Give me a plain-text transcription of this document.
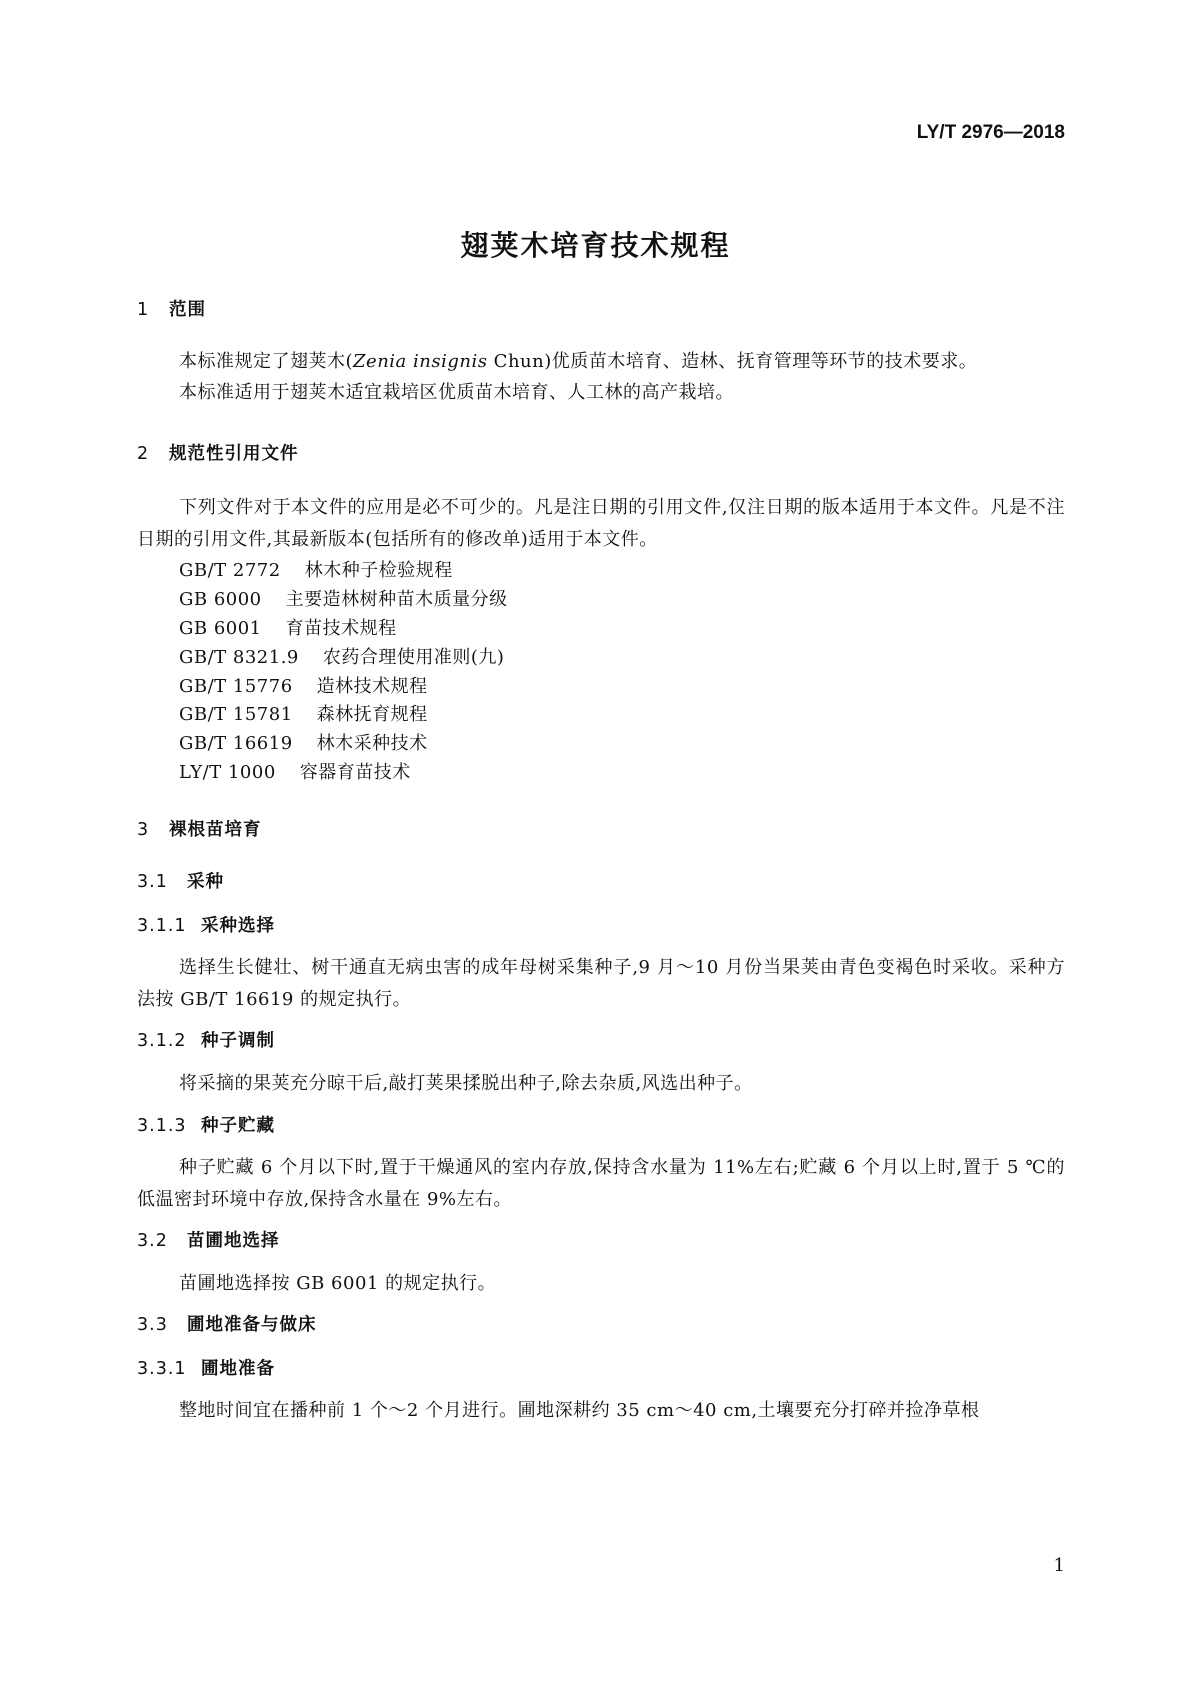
LY/T 2976—2018
翅荚木培育技术规程
1 范围
本标准规定了翅荚木(Zenia insignis Chun)优质苗木培育、造林、抚育管理等环节的技术要求。
本标准适用于翅荚木适宜栽培区优质苗木培育、人工林的高产栽培。
2 规范性引用文件
下列文件对于本文件的应用是必不可少的。凡是注日期的引用文件,仅注日期的版本适用于本文件。凡是不注日期的引用文件,其最新版本(包括所有的修改单)适用于本文件。
GB/T 2772 林木种子检验规程
GB 6000 主要造林树种苗木质量分级
GB 6001 育苗技术规程
GB/T 8321.9 农药合理使用准则(九)
GB/T 15776 造林技术规程
GB/T 15781 森林抚育规程
GB/T 16619 林木采种技术
LY/T 1000 容器育苗技术
3 裸根苗培育
3.1 采种
3.1.1 采种选择
选择生长健壮、树干通直无病虫害的成年母树采集种子,9 月～10 月份当果荚由青色变褐色时采收。采种方法按 GB/T 16619 的规定执行。
3.1.2 种子调制
将采摘的果荚充分晾干后,敲打荚果揉脱出种子,除去杂质,风选出种子。
3.1.3 种子贮藏
种子贮藏 6 个月以下时,置于干燥通风的室内存放,保持含水量为 11%左右;贮藏 6 个月以上时,置于 5 ℃的低温密封环境中存放,保持含水量在 9%左右。
3.2 苗圃地选择
苗圃地选择按 GB 6001 的规定执行。
3.3 圃地准备与做床
3.3.1 圃地准备
整地时间宜在播种前 1 个～2 个月进行。圃地深耕约 35 cm～40 cm,土壤要充分打碎并捡净草根
1
